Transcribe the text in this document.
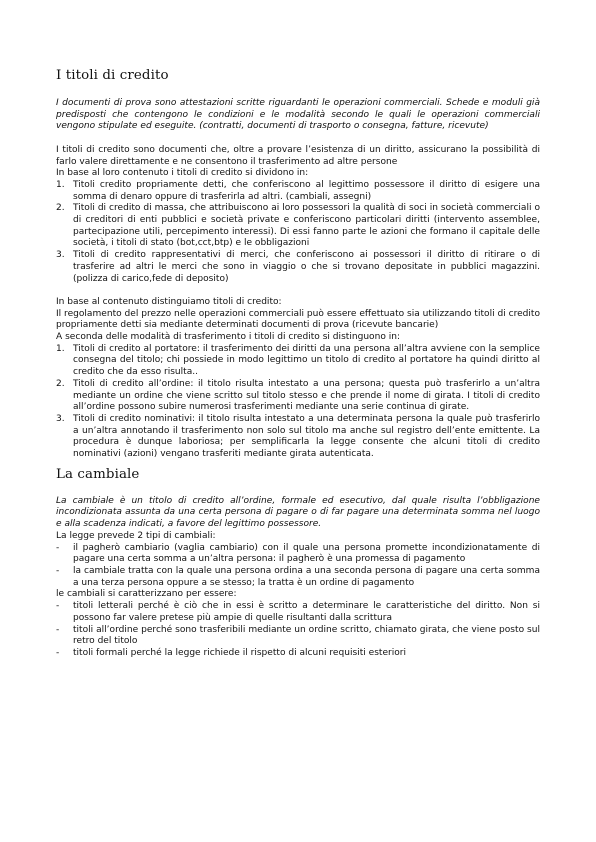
I titoli di credito

I documenti di prova sono attestazioni scritte riguardanti le operazioni commerciali. Schede e moduli già predisposti che contengono le condizioni e le modalità secondo le quali le operazioni commerciali vengono stipulate ed eseguite. (contratti, documenti di trasporto o consegna, fatture, ricevute)

I titoli di credito sono documenti che, oltre a provare l’esistenza di un diritto, assicurano la possibilità di farlo valere direttamente e ne consentono il trasferimento ad altre persone

In base al loro contenuto i titoli di credito si dividono in:

1. Titoli credito propriamente detti, che conferiscono al legittimo possessore il diritto di esigere una somma di denaro oppure di trasferirla ad altri. (cambiali, assegni)
2. Titoli di credito di massa, che attribuiscono ai loro possessori la qualità di soci in società commerciali o di creditori di enti pubblici e società private e conferiscono particolari diritti (intervento assemblee, partecipazione utili, percepimento interessi). Di essi fanno parte le azioni che formano il capitale delle società, i titoli di stato (bot,cct,btp) e le obbligazioni
3. Titoli di credito rappresentativi di merci, che conferiscono ai possessori il diritto di ritirare o di trasferire ad altri le merci che sono in viaggio o che si trovano depositate in pubblici magazzini. (polizza di carico,fede di deposito)

In base al contenuto distinguiamo titoli di credito:

Il regolamento del prezzo nelle operazioni commerciali può essere effettuato sia utilizzando titoli di credito propriamente detti sia mediante determinati documenti di prova (ricevute bancarie)

A seconda delle modalità di trasferimento i titoli di credito si distinguono in:

1. Titoli di credito al portatore: il trasferimento dei diritti da una persona all’altra avviene con la semplice consegna del titolo; chi possiede in modo legittimo un titolo di credito al portatore ha quindi diritto al credito che da esso risulta..
2. Titoli di credito all’ordine: il titolo risulta intestato a una persona; questa può trasferirlo a un’altra mediante un ordine che viene scritto sul titolo stesso e che prende il nome di girata. I titoli di credito all’ordine possono subire numerosi trasferimenti mediante una serie continua di girate.
3. Titoli di credito nominativi: il titolo risulta intestato a una determinata persona la quale può trasferirlo a un’altra annotando il trasferimento non solo sul titolo ma anche sul registro dell’ente emittente. La procedura è dunque laboriosa; per semplificarla la legge consente che alcuni titoli di credito nominativi (azioni) vengano trasferiti mediante girata autenticata.
La cambiale

La cambiale è un titolo di credito all’ordine, formale ed esecutivo, dal quale risulta l’obbligazione incondizionata assunta da una certa persona di pagare o di far pagare una determinata somma nel luogo e alla scadenza indicati, a favore del legittimo possessore.

La legge prevede 2 tipi di cambiali:

- il pagherò cambiario (vaglia cambiario) con il quale una persona promette incondizionatamente di pagare una certa somma a un’altra persona: il pagherò è una promessa di pagamento
- la cambiale tratta con la quale una persona ordina a una seconda persona di pagare una certa somma a una terza persona oppure a se stesso; la tratta è un ordine di pagamento

le cambiali si caratterizzano per essere:

- titoli letterali perché è ciò che in essi è scritto a determinare le caratteristiche del diritto. Non si possono far valere pretese più ampie di quelle risultanti dalla scrittura
- titoli all’ordine perché sono trasferibili mediante un ordine scritto, chiamato girata, che viene posto sul retro del titolo
- titoli formali perché la legge richiede il rispetto di alcuni requisiti esteriori
